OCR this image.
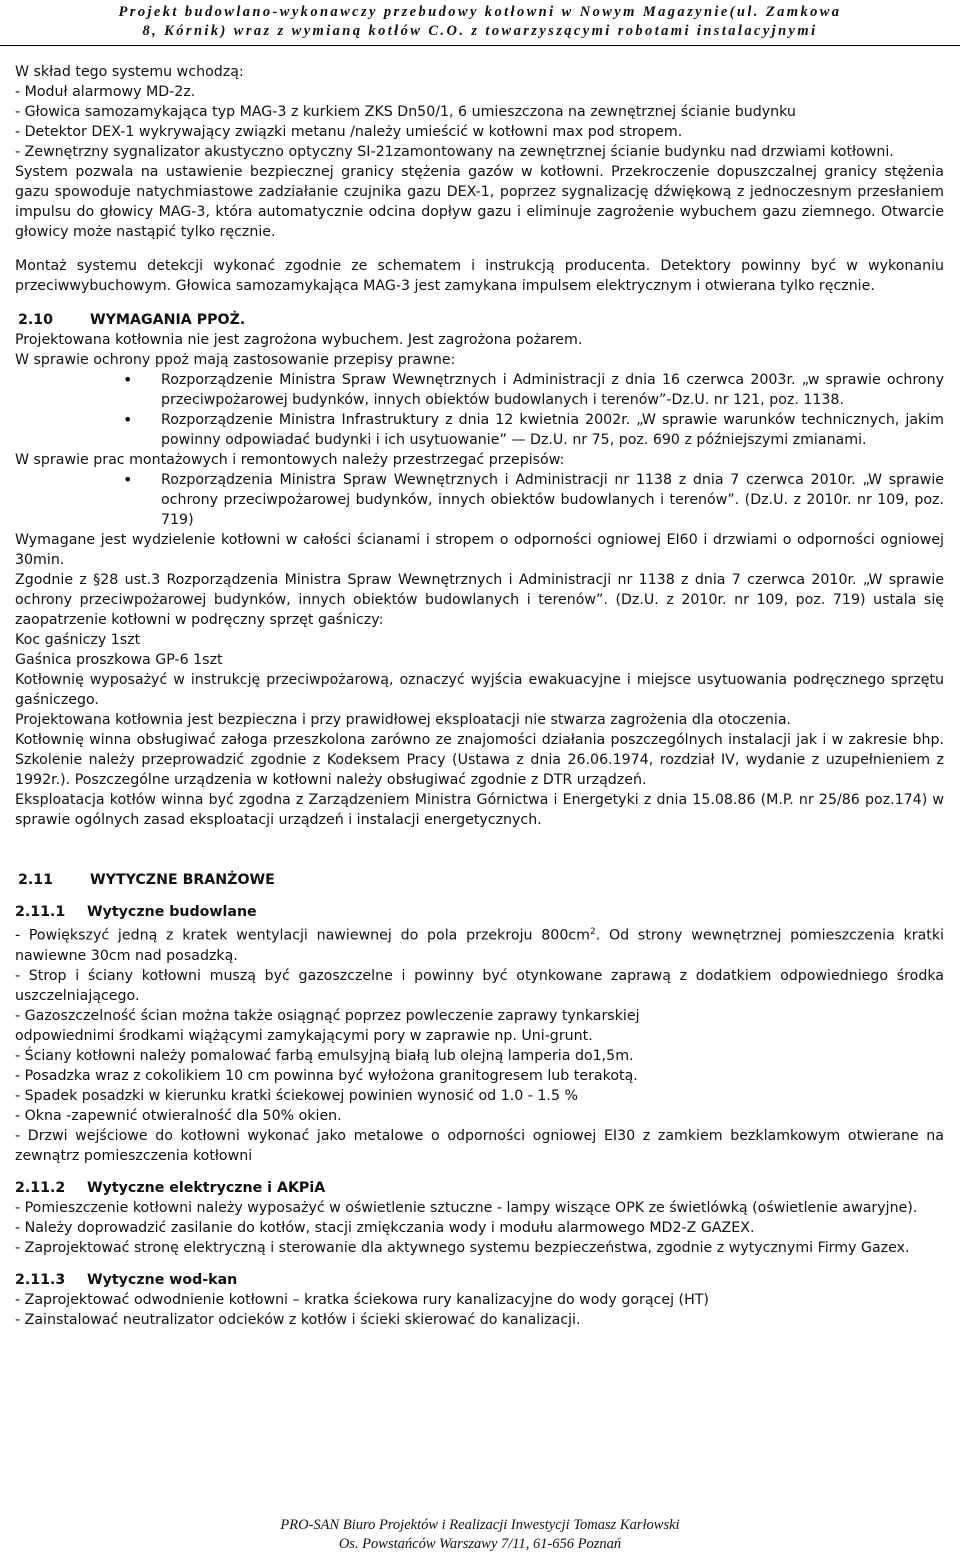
Projekt budowlano-wykonawczy przebudowy kotłowni w Nowym Magazynie(ul. Zamkowa
8, Kórnik) wraz z wymianą kotłów C.O. z towarzyszącymi robotami instalacyjnymi

W skład tego systemu wchodzą:

- Moduł alarmowy MD-2z.

- Głowica samozamykająca typ MAG-3 z kurkiem ZKS Dn50/1, 6 umieszczona na zewnętrznej ścianie budynku

- Detektor DEX-1 wykrywający związki metanu /należy umieścić w kotłowni max pod stropem.

- Zewnętrzny sygnalizator akustyczno optyczny SI-21zamontowany na zewnętrznej ścianie budynku nad drzwiami kotłowni.

System pozwala na ustawienie bezpiecznej granicy stężenia gazów w kotłowni. Przekroczenie dopuszczalnej granicy stężenia gazu spowoduje natychmiastowe zadziałanie czujnika gazu DEX-1, poprzez sygnalizację dźwiękową z jednoczesnym przesłaniem impulsu do głowicy MAG-3, która automatycznie odcina dopływ gazu i eliminuje zagrożenie wybuchem gazu ziemnego. Otwarcie głowicy może nastąpić tylko ręcznie.

Montaż systemu detekcji wykonać zgodnie ze schematem i instrukcją producenta. Detektory powinny być w wykonaniu przeciwwybuchowym. Głowica samozamykająca MAG-3 jest zamykana impulsem elektrycznym i otwierana tylko ręcznie.

2.10	WYMAGANIA PPOŻ.

Projektowana kotłownia nie jest zagrożona wybuchem. Jest zagrożona pożarem.

W sprawie ochrony ppoż mają zastosowanie przepisy prawne:

• Rozporządzenie Ministra Spraw Wewnętrznych i Administracji z dnia 16 czerwca 2003r. „w sprawie ochrony przeciwpożarowej budynków, innych obiektów budowlanych i terenów”-Dz.U. nr 121, poz. 1138.
• Rozporządzenie Ministra Infrastruktury z dnia 12 kwietnia 2002r. „W sprawie warunków technicznych, jakim powinny odpowiadać budynki i ich usytuowanie” — Dz.U. nr 75, poz. 690 z późniejszymi zmianami.

W sprawie prac montażowych i remontowych należy przestrzegać przepisów:

• Rozporządzenia Ministra Spraw Wewnętrznych i Administracji nr 1138 z dnia 7 czerwca 2010r. „W sprawie ochrony przeciwpożarowej budynków, innych obiektów budowlanych i terenów”. (Dz.U. z 2010r. nr 109, poz. 719)

Wymagane jest wydzielenie kotłowni w całości ścianami i stropem o odporności ogniowej EI60 i drzwiami o odporności ogniowej 30min.

Zgodnie z §28 ust.3 Rozporządzenia Ministra Spraw Wewnętrznych i Administracji nr 1138 z dnia 7 czerwca 2010r. „W sprawie ochrony przeciwpożarowej budynków, innych obiektów budowlanych i terenów”. (Dz.U. z 2010r. nr 109, poz. 719) ustala się zaopatrzenie kotłowni w podręczny sprzęt gaśniczy:

Koc gaśniczy 1szt

Gaśnica proszkowa GP-6 1szt

Kotłownię wyposażyć w instrukcję przeciwpożarową, oznaczyć wyjścia ewakuacyjne i miejsce usytuowania podręcznego sprzętu gaśniczego.

Projektowana kotłownia jest bezpieczna i przy prawidłowej eksploatacji nie stwarza zagrożenia dla otoczenia.

Kotłownię winna obsługiwać załoga przeszkolona zarówno ze znajomości działania poszczególnych instalacji jak i w zakresie bhp. Szkolenie należy przeprowadzić zgodnie z Kodeksem Pracy (Ustawa z dnia 26.06.1974, rozdział IV, wydanie z uzupełnieniem z 1992r.). Poszczególne urządzenia w kotłowni należy obsługiwać zgodnie z DTR urządzeń.

Eksploatacja kotłów winna być zgodna z Zarządzeniem Ministra Górnictwa i Energetyki z dnia 15.08.86 (M.P. nr 25/86 poz.174) w sprawie ogólnych zasad eksploatacji urządzeń i instalacji energetycznych.

2.11	WYTYCZNE BRANŻOWE
2.11.1 Wytyczne budowlane

- Powiększyć jedną z kratek wentylacji nawiewnej do pola przekroju $800cm^2$. Od strony wewnętrznej pomieszczenia kratki nawiewne 30cm nad posadzką.

- Strop i ściany kotłowni muszą być gazoszczelne i powinny być otynkowane zaprawą z dodatkiem odpowiedniego środka uszczelniającego.

- Gazoszczelność ścian można także osiągnąć poprzez powleczenie zaprawy tynkarskiej

odpowiednimi środkami wiążącymi zamykającymi pory w zaprawie np. Uni-grunt.

- Ściany kotłowni należy pomalować farbą emulsyjną białą lub olejną lamperia do1,5m.

- Posadzka wraz z cokolikiem 10 cm powinna być wyłożona granitogresem lub terakotą.

- Spadek posadzki w kierunku kratki ściekowej powinien wynosić od 1.0 - 1.5 %

- Okna -zapewnić otwieralność dla 50% okien.

- Drzwi wejściowe do kotłowni wykonać jako metalowe o odporności ogniowej EI30 z zamkiem bezklamkowym otwierane na zewnątrz pomieszczenia kotłowni

2.11.2 Wytyczne elektryczne i AKPiA

- Pomieszczenie kotłowni należy wyposażyć w oświetlenie sztuczne - lampy wiszące OPK ze świetlówką (oświetlenie awaryjne).

- Należy doprowadzić zasilanie do kotłów, stacji zmiękczania wody i modułu alarmowego MD2-Z GAZEX.

- Zaprojektować stronę elektryczną i sterowanie dla aktywnego systemu bezpieczeństwa, zgodnie z wytycznymi Firmy Gazex.

2.11.3 Wytyczne wod-kan

- Zaprojektować odwodnienie kotłowni – kratka ściekowa rury kanalizacyjne do wody gorącej (HT)

- Zainstalować neutralizator odcieków z kotłów i ścieki skierować do kanalizacji.

PRO-SAN Biuro Projektów i Realizacji Inwestycji Tomasz Karłowski
Os. Powstańców Warszawy 7/11, 61-656 Poznań
